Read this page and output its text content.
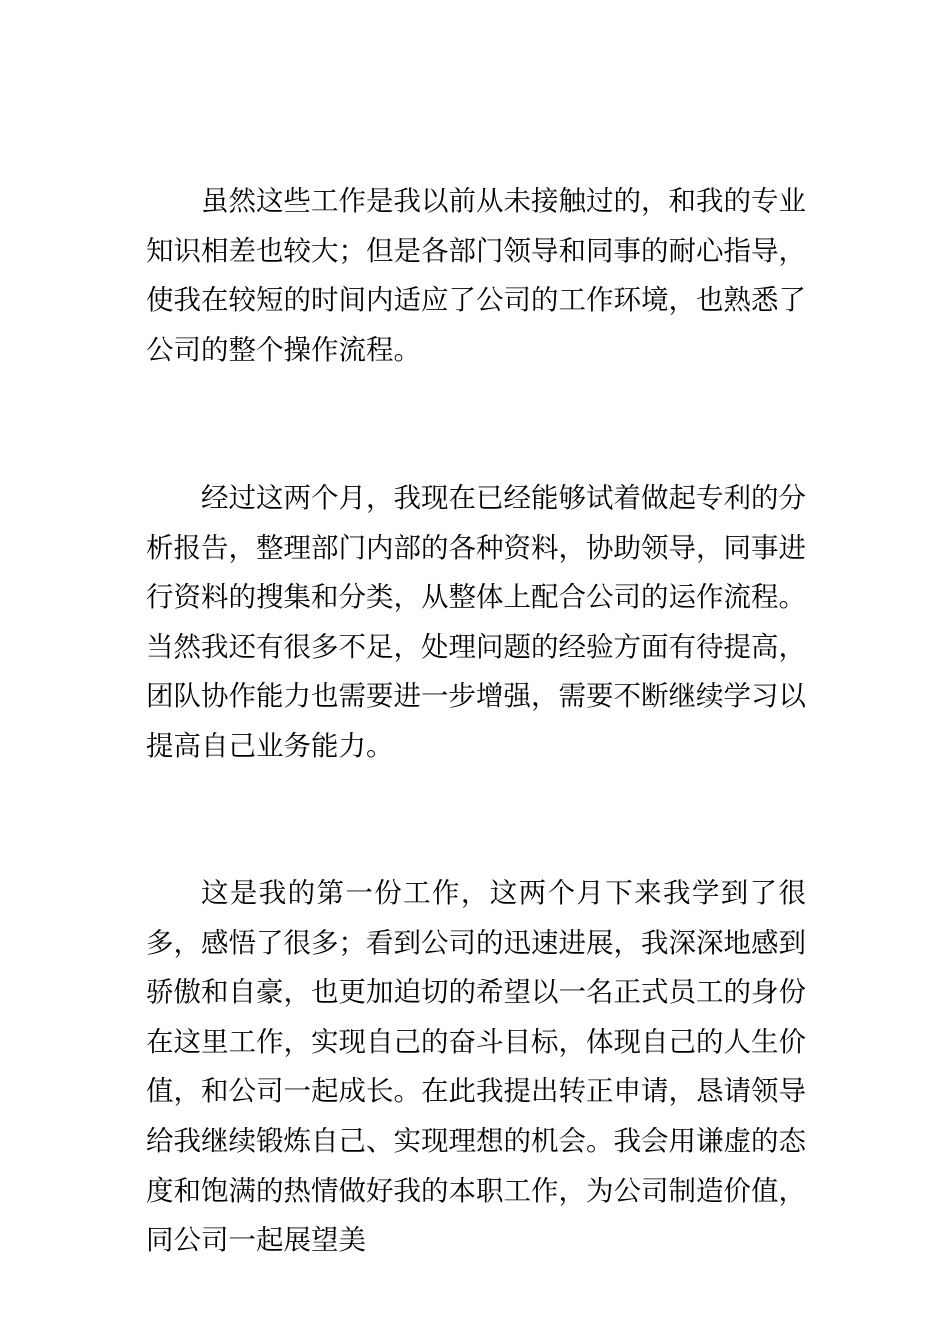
虽然这些工作是我以前从未接触过的，和我的专业知识相差也较大；但是各部门领导和同事的耐心指导，使我在较短的时间内适应了公司的工作环境，也熟悉了公司的整个操作流程。

经过这两个月，我现在已经能够试着做起专利的分析报告，整理部门内部的各种资料，协助领导，同事进行资料的搜集和分类，从整体上配合公司的运作流程。当然我还有很多不足，处理问题的经验方面有待提高，团队协作能力也需要进一步增强，需要不断继续学习以提高自己业务能力。

这是我的第一份工作，这两个月下来我学到了很多，感悟了很多；看到公司的迅速进展，我深深地感到骄傲和自豪，也更加迫切的希望以一名正式员工的身份在这里工作，实现自己的奋斗目标，体现自己的人生价值，和公司一起成长。在此我提出转正申请，恳请领导给我继续锻炼自己、实现理想的机会。我会用谦虚的态度和饱满的热情做好我的本职工作，为公司制造价值，同公司一起展望美
